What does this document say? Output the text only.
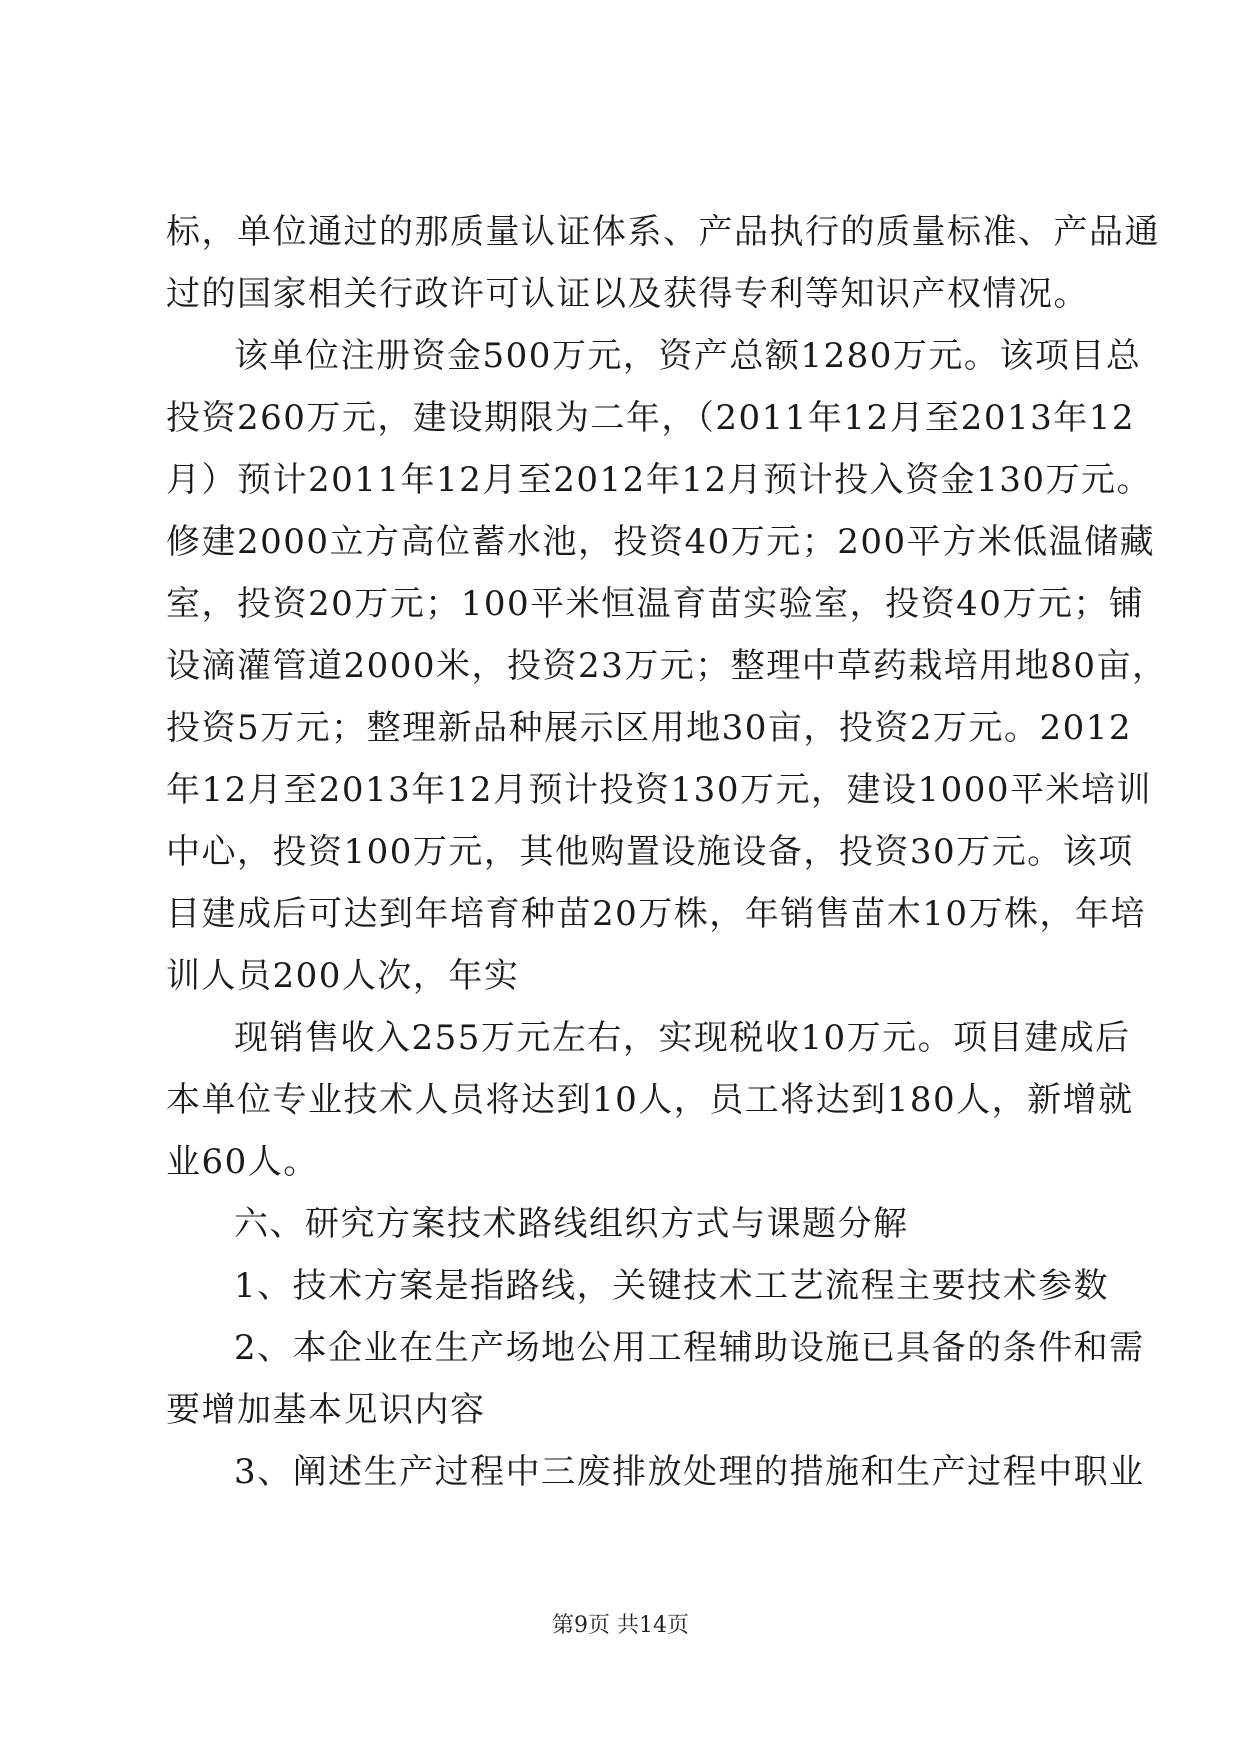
标，单位通过的那质量认证体系、产品执行的质量标准、产品通
过的国家相关行政许可认证以及获得专利等知识产权情况。
该单位注册资金500万元，资产总额1280万元。该项目总
投资260万元，建设期限为二年，（2011年12月至2013年12
月）预计2011年12月至2012年12月预计投入资金130万元。
修建2000立方高位蓄水池，投资40万元；200平方米低温储藏
室，投资20万元；100平米恒温育苗实验室，投资40万元；铺
设滴灌管道2000米，投资23万元；整理中草药栽培用地80亩，
投资5万元；整理新品种展示区用地30亩，投资2万元。2012
年12月至2013年12月预计投资130万元，建设1000平米培训
中心，投资100万元，其他购置设施设备，投资30万元。该项
目建成后可达到年培育种苗20万株，年销售苗木10万株，年培
训人员200人次，年实
现销售收入255万元左右，实现税收10万元。项目建成后
本单位专业技术人员将达到10人，员工将达到180人，新增就
业60人。
六、研究方案技术路线组织方式与课题分解
1、技术方案是指路线，关键技术工艺流程主要技术参数
2、本企业在生产场地公用工程辅助设施已具备的条件和需
要增加基本见识内容
3、阐述生产过程中三废排放处理的措施和生产过程中职业
第9页 共14页
